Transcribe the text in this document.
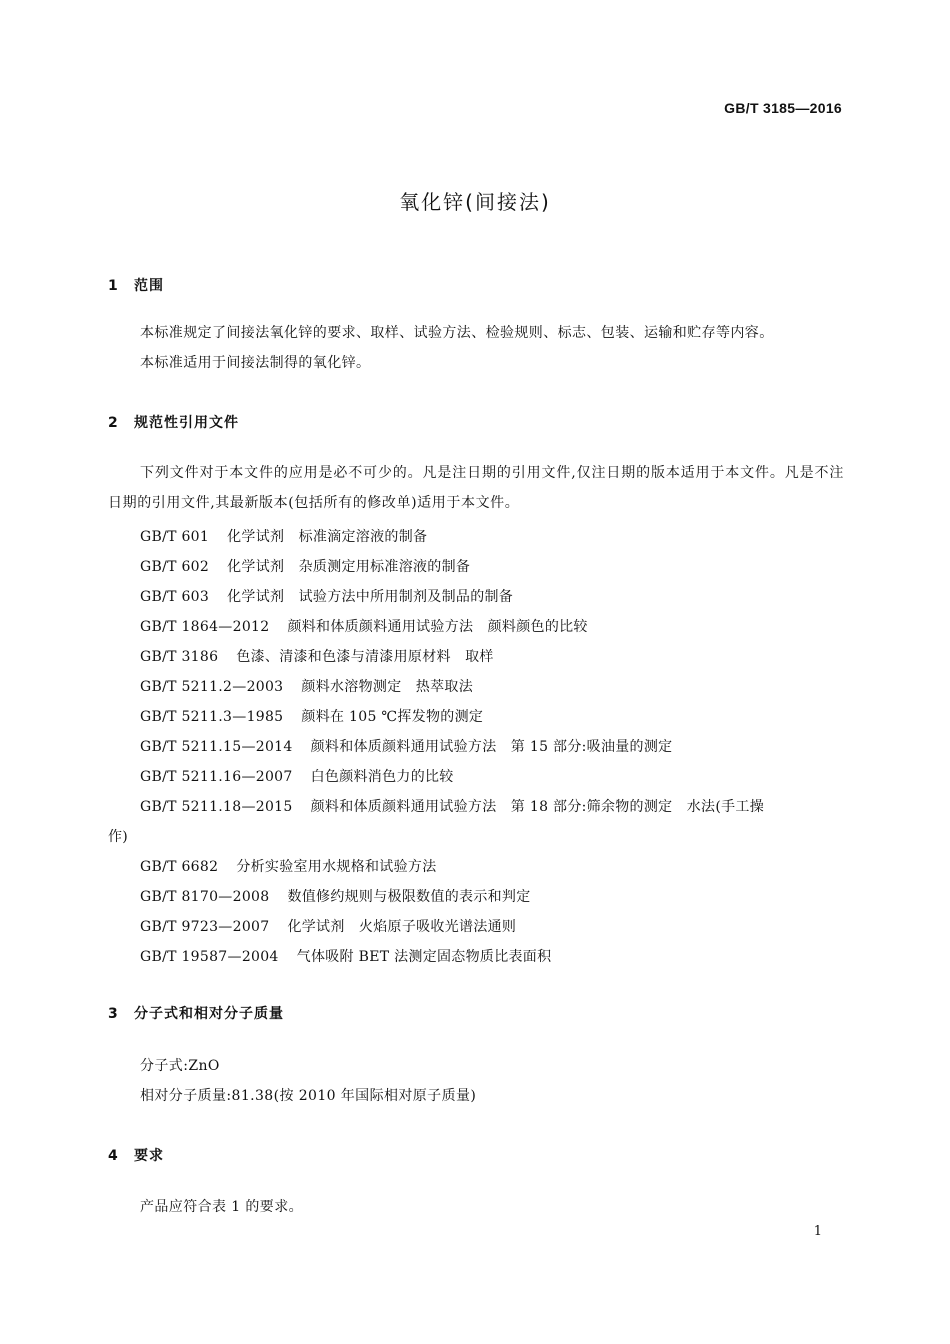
GB/T 3185—2016
氧化锌(间接法)
1 范围
本标准规定了间接法氧化锌的要求、取样、试验方法、检验规则、标志、包装、运输和贮存等内容。
本标准适用于间接法制得的氧化锌。
2 规范性引用文件
下列文件对于本文件的应用是必不可少的。凡是注日期的引用文件,仅注日期的版本适用于本文件。凡是不注日期的引用文件,其最新版本(包括所有的修改单)适用于本文件。
GB/T 601 化学试剂　标准滴定溶液的制备
GB/T 602 化学试剂　杂质测定用标准溶液的制备
GB/T 603 化学试剂　试验方法中所用制剂及制品的制备
GB/T 1864—2012 颜料和体质颜料通用试验方法　颜料颜色的比较
GB/T 3186 色漆、清漆和色漆与清漆用原材料　取样
GB/T 5211.2—2003 颜料水溶物测定　热萃取法
GB/T 5211.3—1985 颜料在 105 ℃挥发物的测定
GB/T 5211.15—2014 颜料和体质颜料通用试验方法　第 15 部分:吸油量的测定
GB/T 5211.16—2007 白色颜料消色力的比较
GB/T 5211.18—2015 颜料和体质颜料通用试验方法　第 18 部分:筛余物的测定　水法(手工操
作)
GB/T 6682 分析实验室用水规格和试验方法
GB/T 8170—2008 数值修约规则与极限数值的表示和判定
GB/T 9723—2007 化学试剂　火焰原子吸收光谱法通则
GB/T 19587—2004 气体吸附 BET 法测定固态物质比表面积
3 分子式和相对分子质量
分子式:ZnO
相对分子质量:81.38(按 2010 年国际相对原子质量)
4 要求
产品应符合表 1 的要求。
1
